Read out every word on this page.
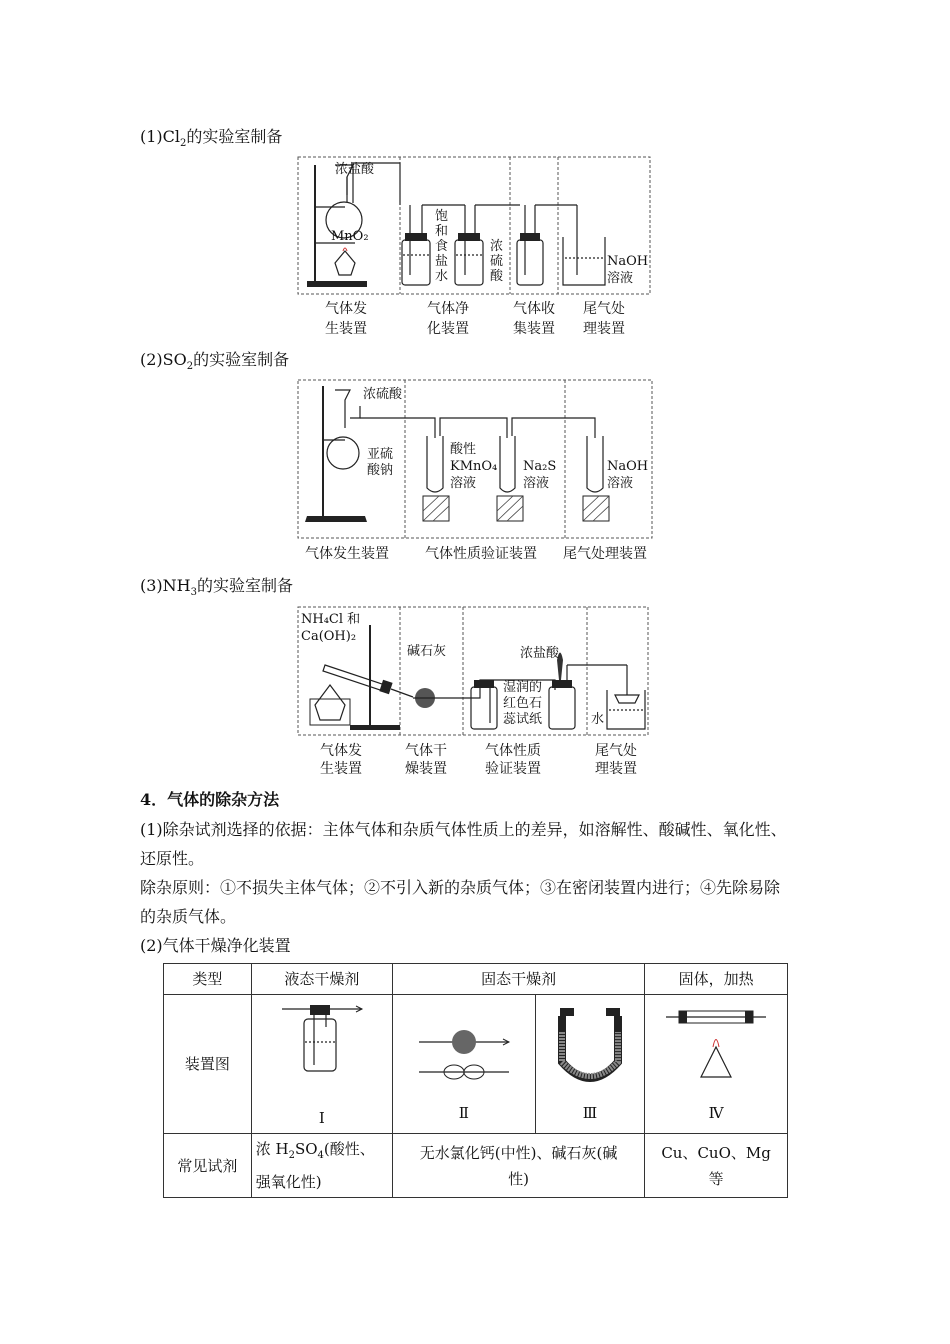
$(1)Cl_2$的实验室制备
浓盐酸
MnO₂
饱
和
食
盐
水
浓
硫
酸
NaOH
溶液
气体发
生装置
气体净
化装置
气体收
集装置
尾气处
理装置
$(2)SO_2$的实验室制备
浓硫酸
亚硫
酸钠
酸性
KMnO₄
溶液
Na₂S
溶液
NaOH
溶液
气体发生装置	气体性质验证装置 尾气处理装置
$(3)NH_3$的实验室制备
NH₄Cl 和
Ca(OH)₂
碱石灰	浓盐酸
湿润的
红色石
蕊试纸	水
气体发
生装置
气体干
燥装置
气体性质
验证装置
尾气处
理装置
4．气体的除杂方法
(1)除杂试剂选择的依据：主体气体和杂质气体性质上的差异，如溶解性、酸碱性、氧化性、
还原性。
除杂原则：①不损失主体气体；②不引入新的杂质气体；③在密闭装置内进行；④先除易除
的杂质气体。
(2)气体干燥净化装置
类型	液态干燥剂	固态干燥剂		固体，加热
装置图	Ⅰ	Ⅱ	Ⅲ	Ⅳ

常见试剂	浓 $H_2SO_4$(酸性、
强氧化性)	无水氯化钙(中性)、碱石灰(碱
性)		Cu、CuO、Mg
等
